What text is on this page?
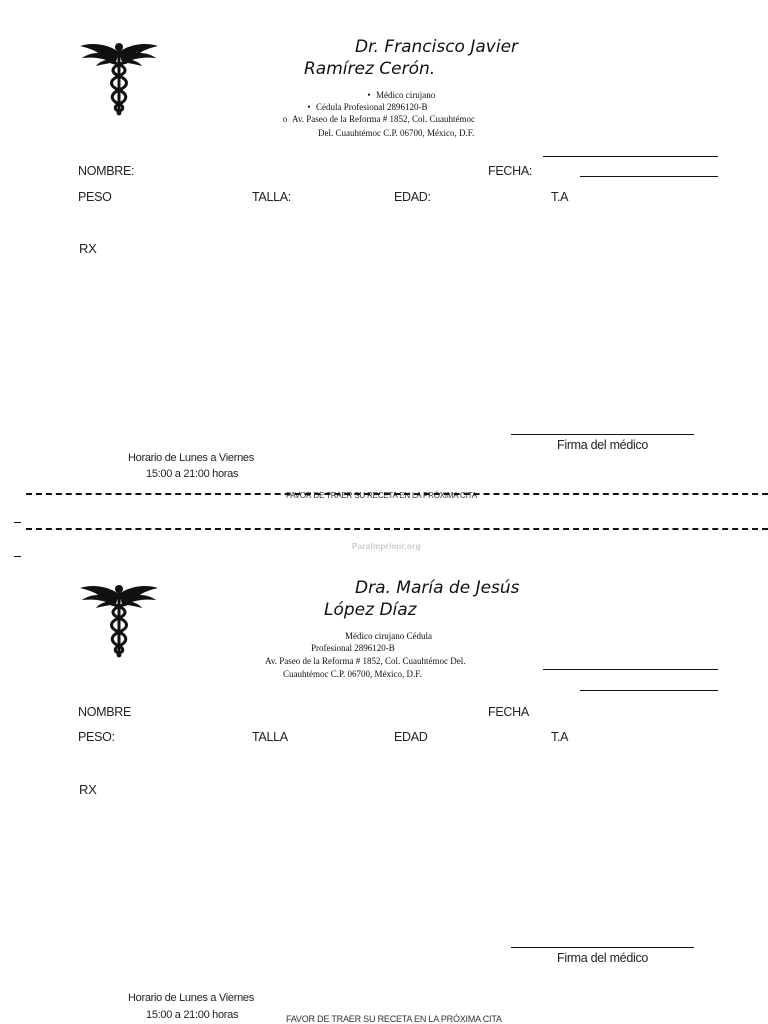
Dr. Francisco Javier
Ramírez Cerón.
• Médico cirujano
• Cédula Profesional 2896120-B
o Av. Paseo de la Reforma # 1852, Col. Cuauhtémoc
Del. Cuauhtémoc C.P. 06700, México, D.F.
NOMBRE:	FECHA:
PESO	TALLA:	EDAD:	T.A
RX
Firma del médico
Horario de Lunes a Viernes
15:00 a 21:00 horas
FAVOR DE TRAER SU RECETA EN LA PRÓXIMA CITA
ParaImprimir.org
Dra. María de Jesús
López Díaz
Médico cirujano Cédula
Profesional 2896120-B
Av. Paseo de la Reforma # 1852, Col. Cuauhtémoc Del.
Cuauhtémoc C.P. 06700, México, D.F.
NOMBRE	FECHA
PESO:	TALLA	EDAD	T.A
RX
Firma del médico
Horario de Lunes a Viernes
15:00 a 21:00 horas	FAVOR DE TRAER SU RECETA EN LA PRÓXIMA CITA
